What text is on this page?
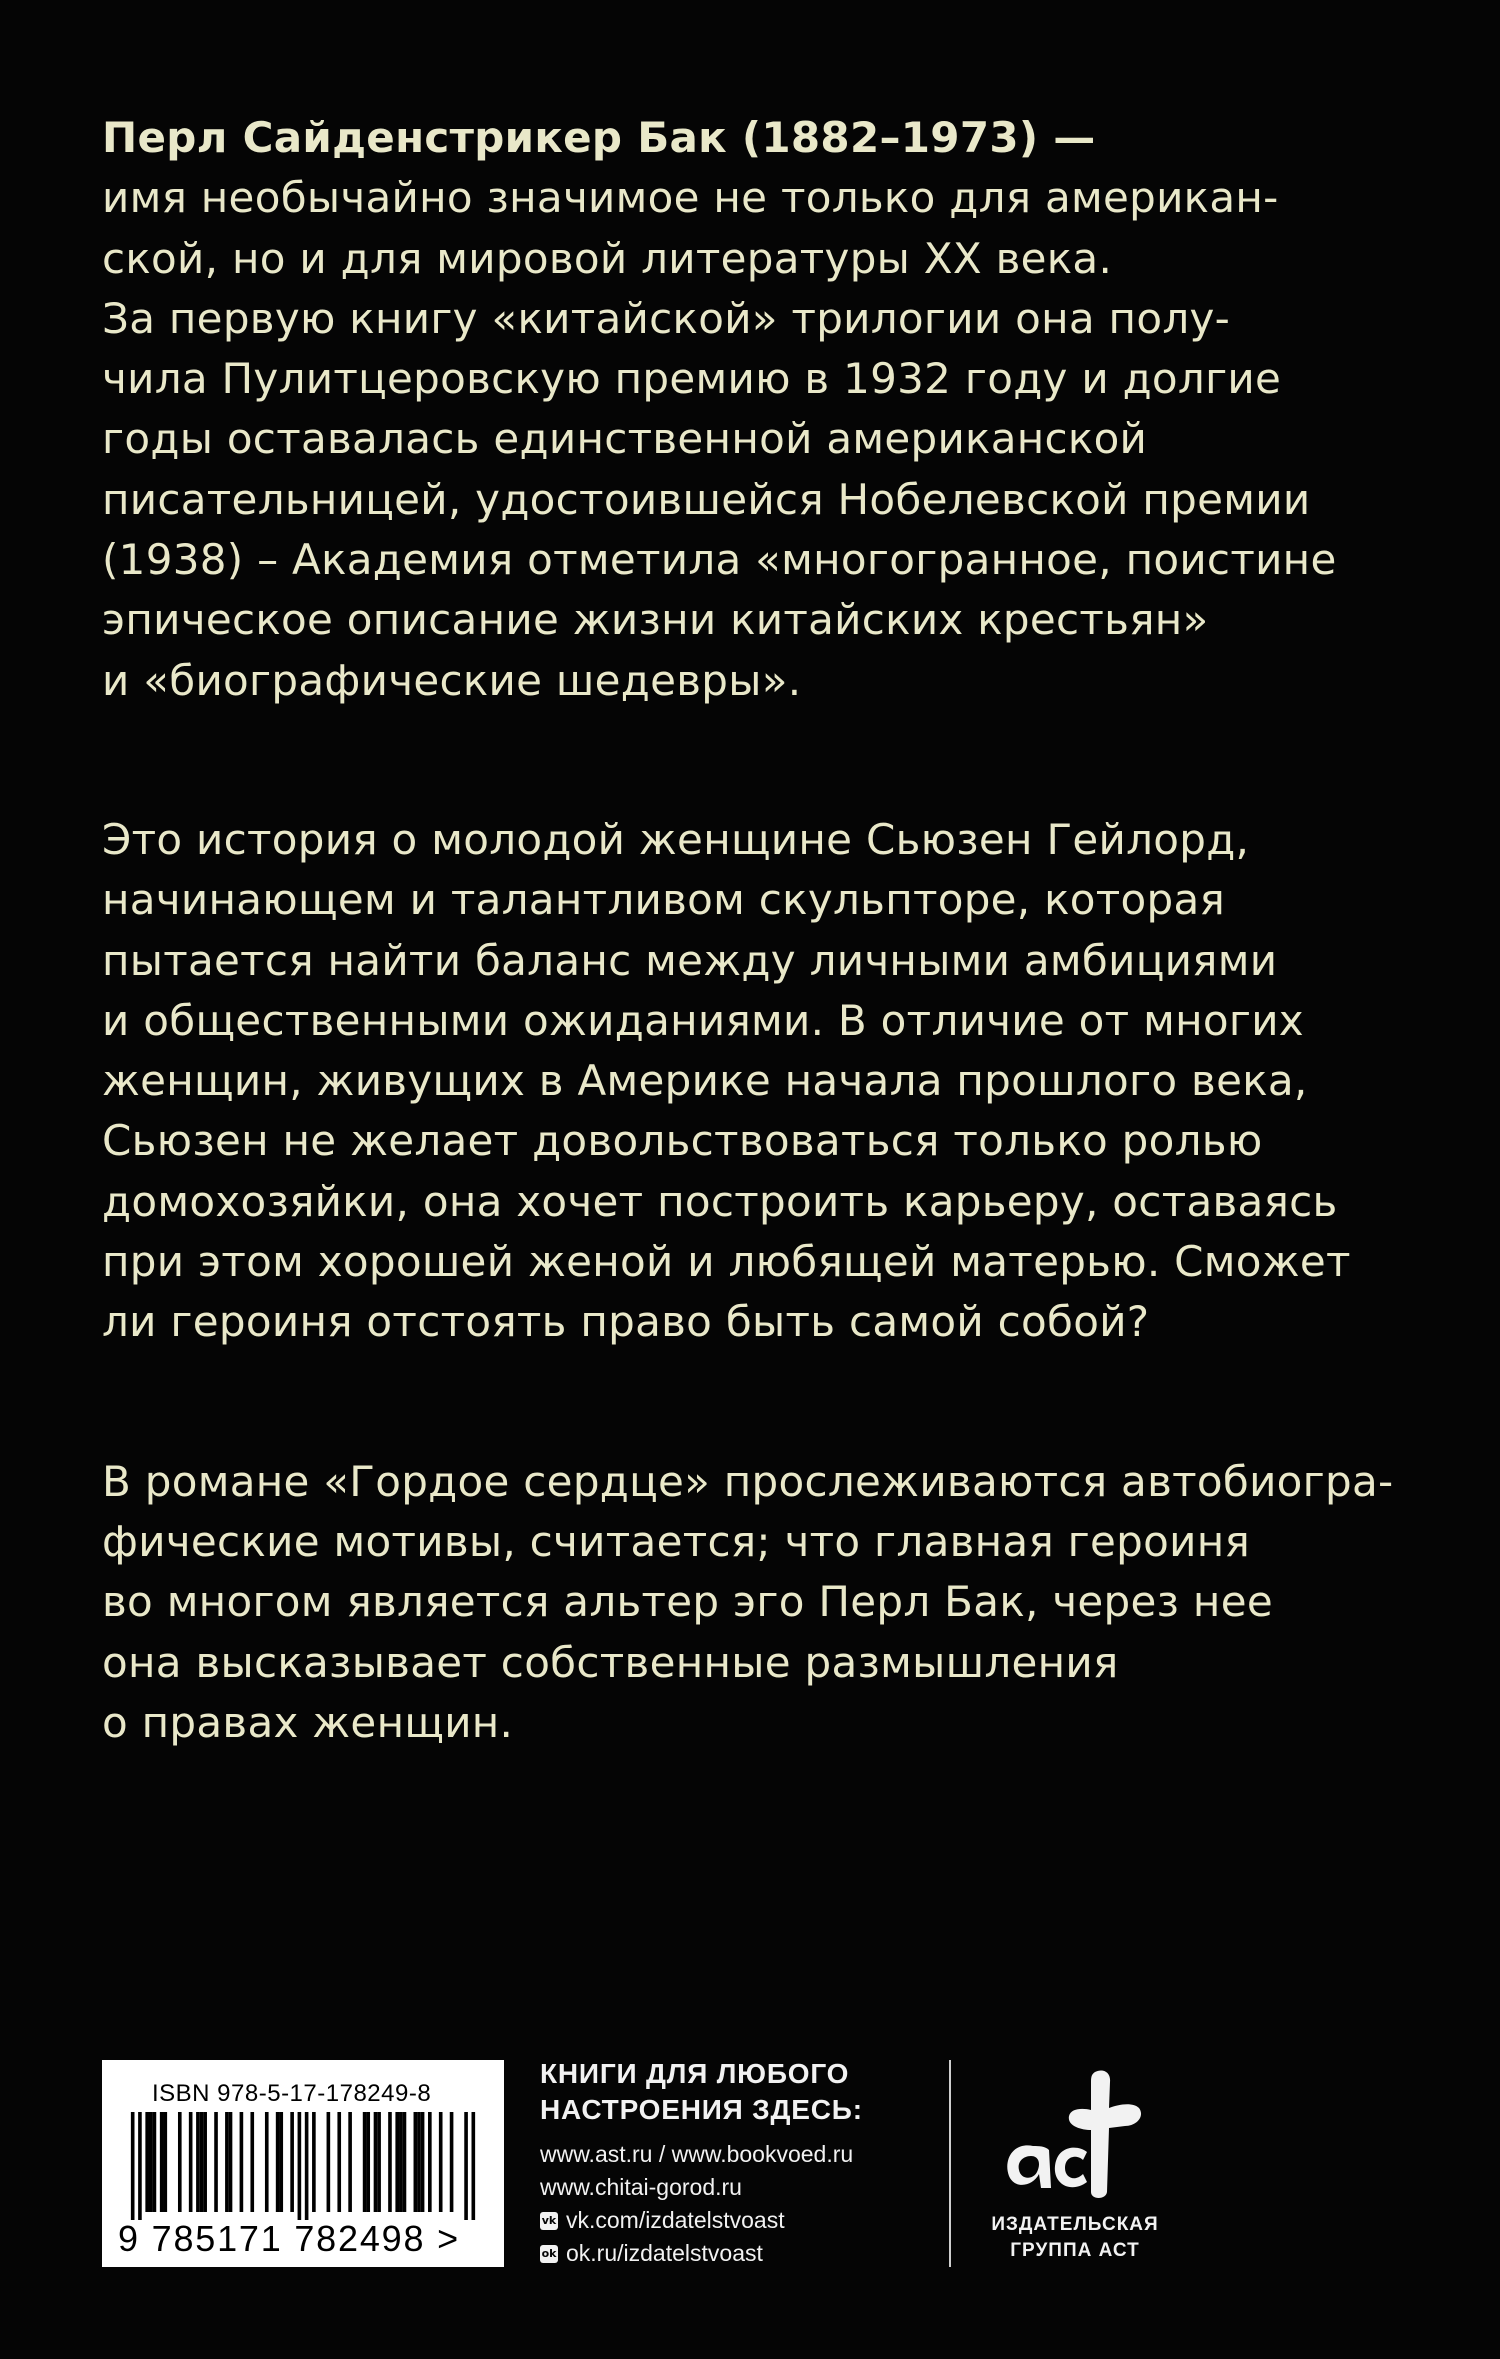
Перл Сайденстрикер Бак (1882–1973) —
имя необычайно значимое не только для американ-
ской, но и для мировой литературы XX века.
За первую книгу «китайской» трилогии она полу-
чила Пулитцеровскую премию в 1932 году и долгие
годы оставалась единственной американской
писательницей, удостоившейся Нобелевской премии
(1938) – Академия отметила «многогранное, поистине
эпическое описание жизни китайских крестьян»
и «биографические шедевры».

Это история о молодой женщине Сьюзен Гейлорд,
начинающем и талантливом скульпторе, которая
пытается найти баланс между личными амбициями
и общественными ожиданиями. В отличие от многих
женщин, живущих в Америке начала прошлого века,
Сьюзен не желает довольствоваться только ролью
домохозяйки, она хочет построить карьеру, оставаясь
при этом хорошей женой и любящей матерью. Сможет
ли героиня отстоять право быть самой собой?

В романе «Гордое сердце» прослеживаются автобиогра-
фические мотивы, считается; что главная героиня
во многом является альтер эго Перл Бак, через нее
она высказывает собственные размышления
о правах женщин.

ISBN 978-5-17-178249-8
9 785171 782498 >
КНИГИ ДЛЯ ЛЮБОГО
НАСТРОЕНИЯ ЗДЕСЬ:
www.ast.ru / www.bookvoed.ru
www.chitai-gorod.ru
vk vk.com/izdatelstvoast
ok ok.ru/izdatelstvoast
ИЗДАТЕЛЬСКАЯ
ГРУППА АСТ
